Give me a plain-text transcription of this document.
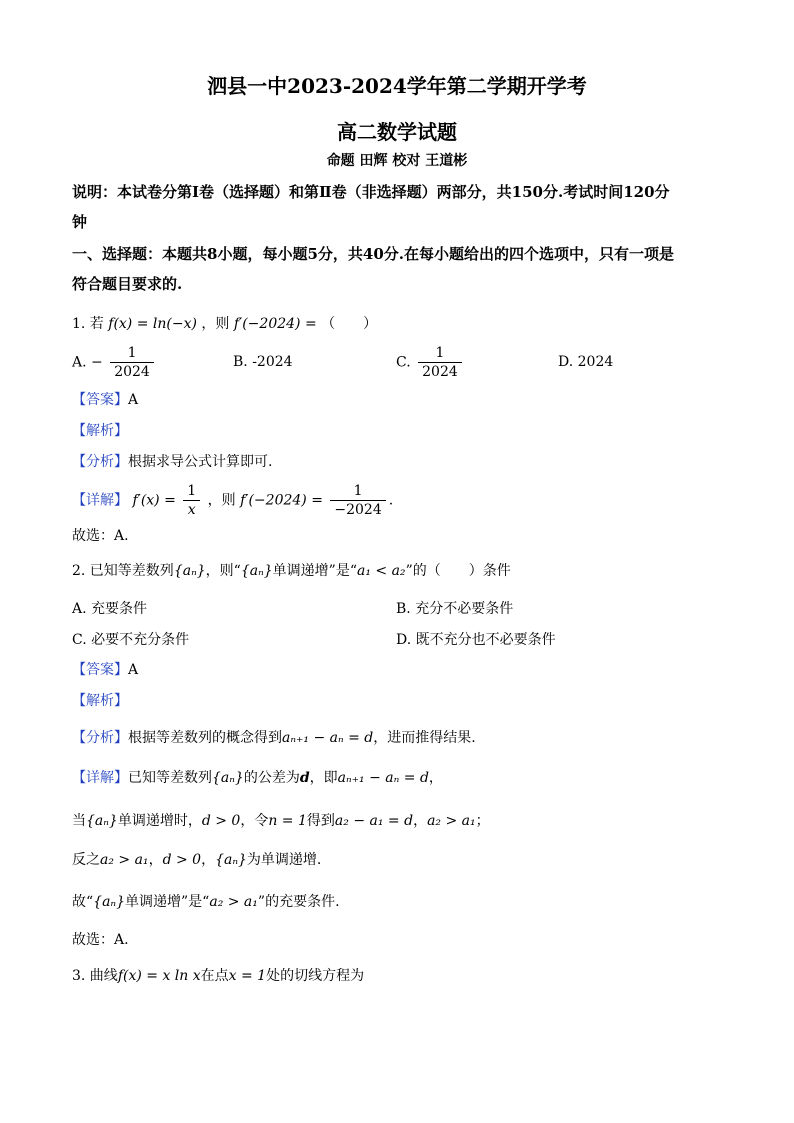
泗县一中2023-2024学年第二学期开学考
高二数学试题
命题 田辉 校对 王道彬
说明：本试卷分第Ⅰ卷（选择题）和第Ⅱ卷（非选择题）两部分，共150分.考试时间120分
钟
一、选择题：本题共8小题，每小题5分，共40分.在每小题给出的四个选项中，只有一项是
符合题目要求的.
1. 若 f(x) = ln(−x) ，则 f′(−2024) = （　　）
A. − $\frac{1}{2024}$	B. -2024	C. $\frac{1}{2024}$	D. 2024
【答案】A
【解析】
【分析】根据求导公式计算即可.
【详解】 $f'(x) = \frac{1}{x}$ ，则 $f'(-2024) = \frac{1}{-2024}$ .
故选：A.
2. 已知等差数列{aₙ}，则“{aₙ}单调递增”是“a₁ < a₂”的（　　）条件
A. 充要条件	B. 充分不必要条件
C. 必要不充分条件	D. 既不充分也不必要条件
【答案】A
【解析】
【分析】根据等差数列的概念得到aₙ₊₁ − aₙ = d，进而推得结果.
【详解】已知等差数列{aₙ}的公差为d，即aₙ₊₁ − aₙ = d，
当{aₙ}单调递增时，d > 0，令n = 1得到a₂ − a₁ = d，a₂ > a₁；
反之a₂ > a₁，d > 0，{aₙ}为单调递增.
故“{aₙ}单调递增”是“a₂ > a₁”的充要条件.
故选：A.
3. 曲线f(x) = x ln x在点x = 1处的切线方程为
